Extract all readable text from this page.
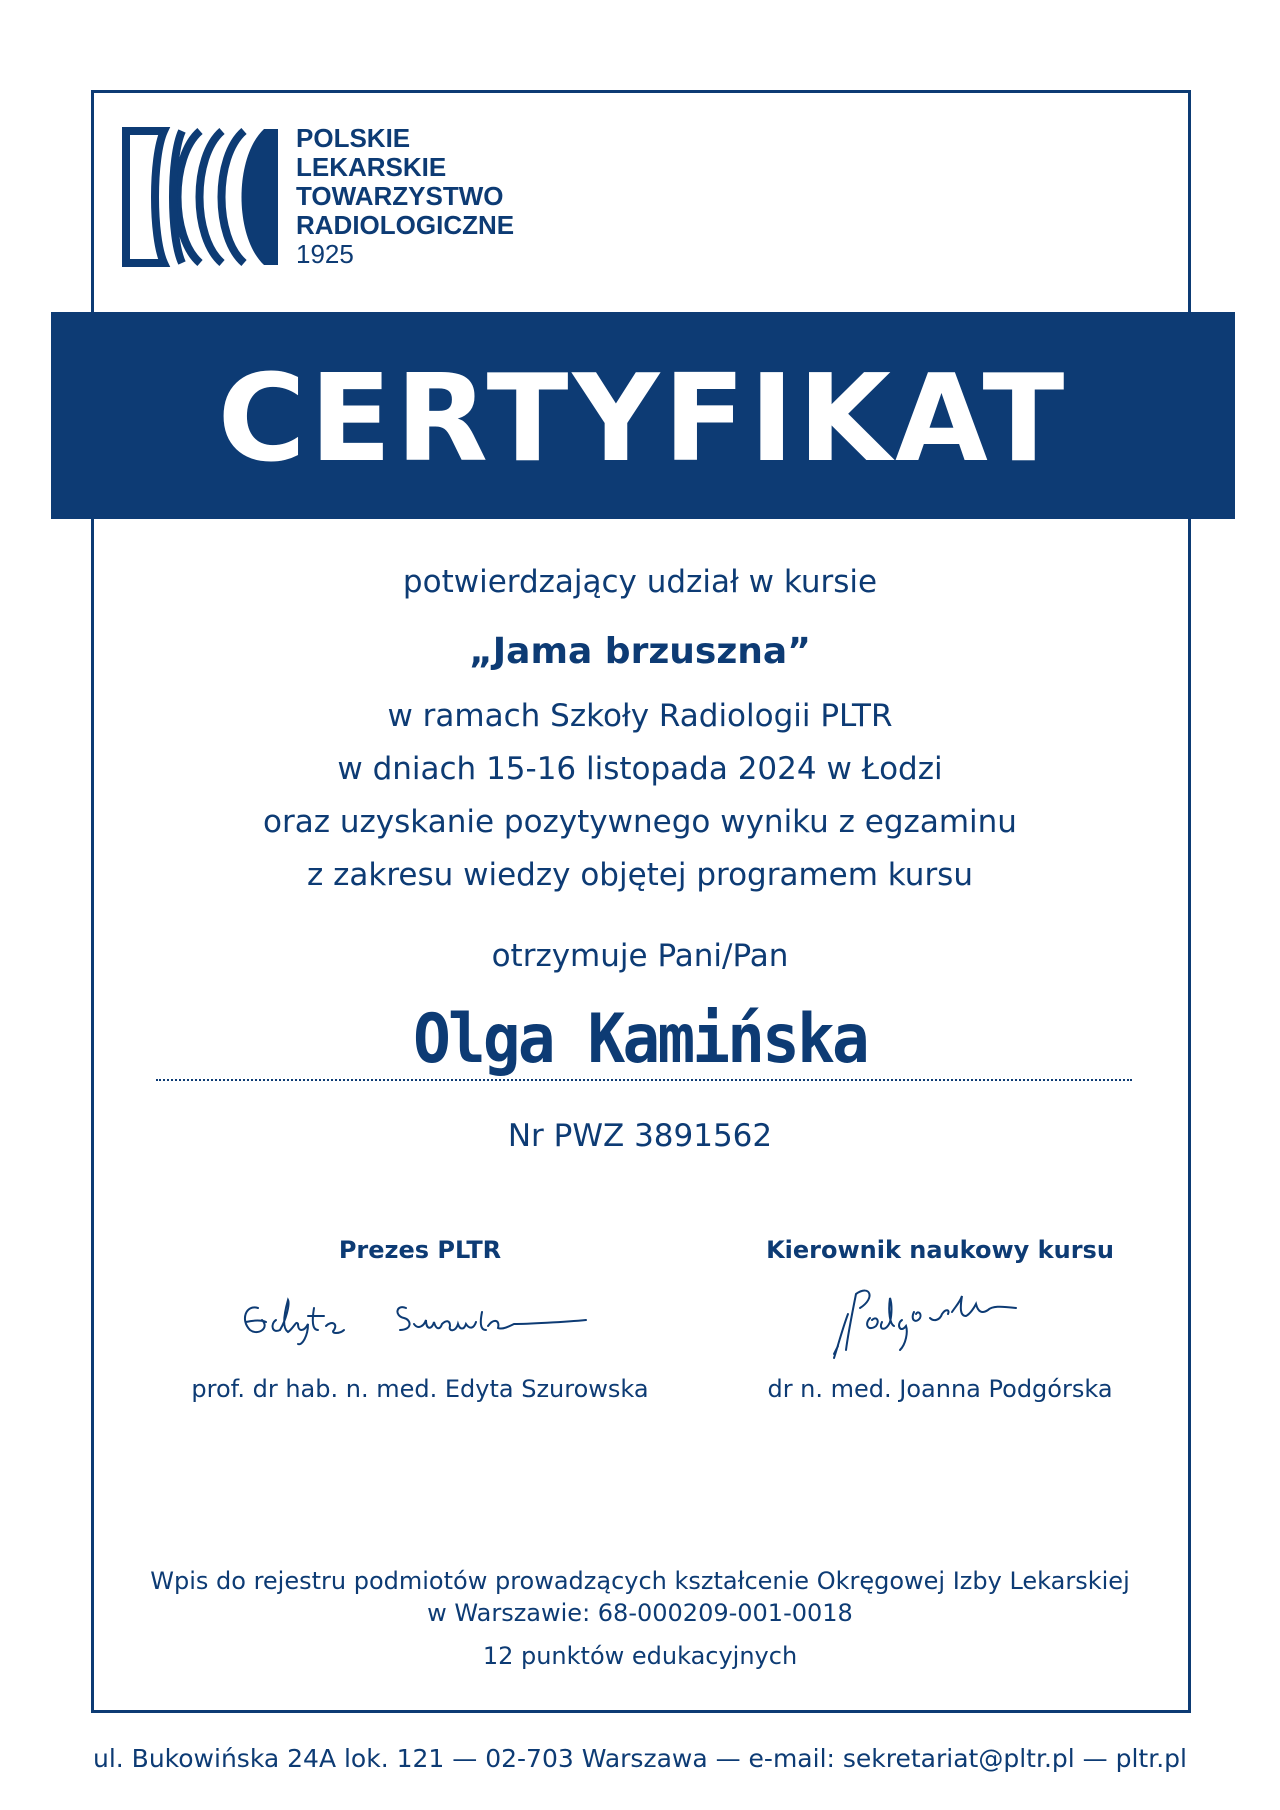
POLSKIE
LEKARSKIE
TOWARZYSTWO
RADIOLOGICZNE
1925
CERTYFIKAT
potwierdzający udział w kursie
„Jama brzuszna”
w ramach Szkoły Radiologii PLTR
w dniach 15-16 listopada 2024 w Łodzi
oraz uzyskanie pozytywnego wyniku z egzaminu
z zakresu wiedzy objętej programem kursu
otrzymuje Pani/Pan
Olga Kamińska
Nr PWZ 3891562
Prezes PLTR
prof. dr hab. n. med. Edyta Szurowska
Kierownik naukowy kursu
dr n. med. Joanna Podgórska
Wpis do rejestru podmiotów prowadzących kształcenie Okręgowej Izby Lekarskiej
w Warszawie: 68-000209-001-0018
12 punktów edukacyjnych
ul. Bukowińska 24A lok. 121 — 02-703 Warszawa — e-mail: sekretariat@pltr.pl — pltr.pl
